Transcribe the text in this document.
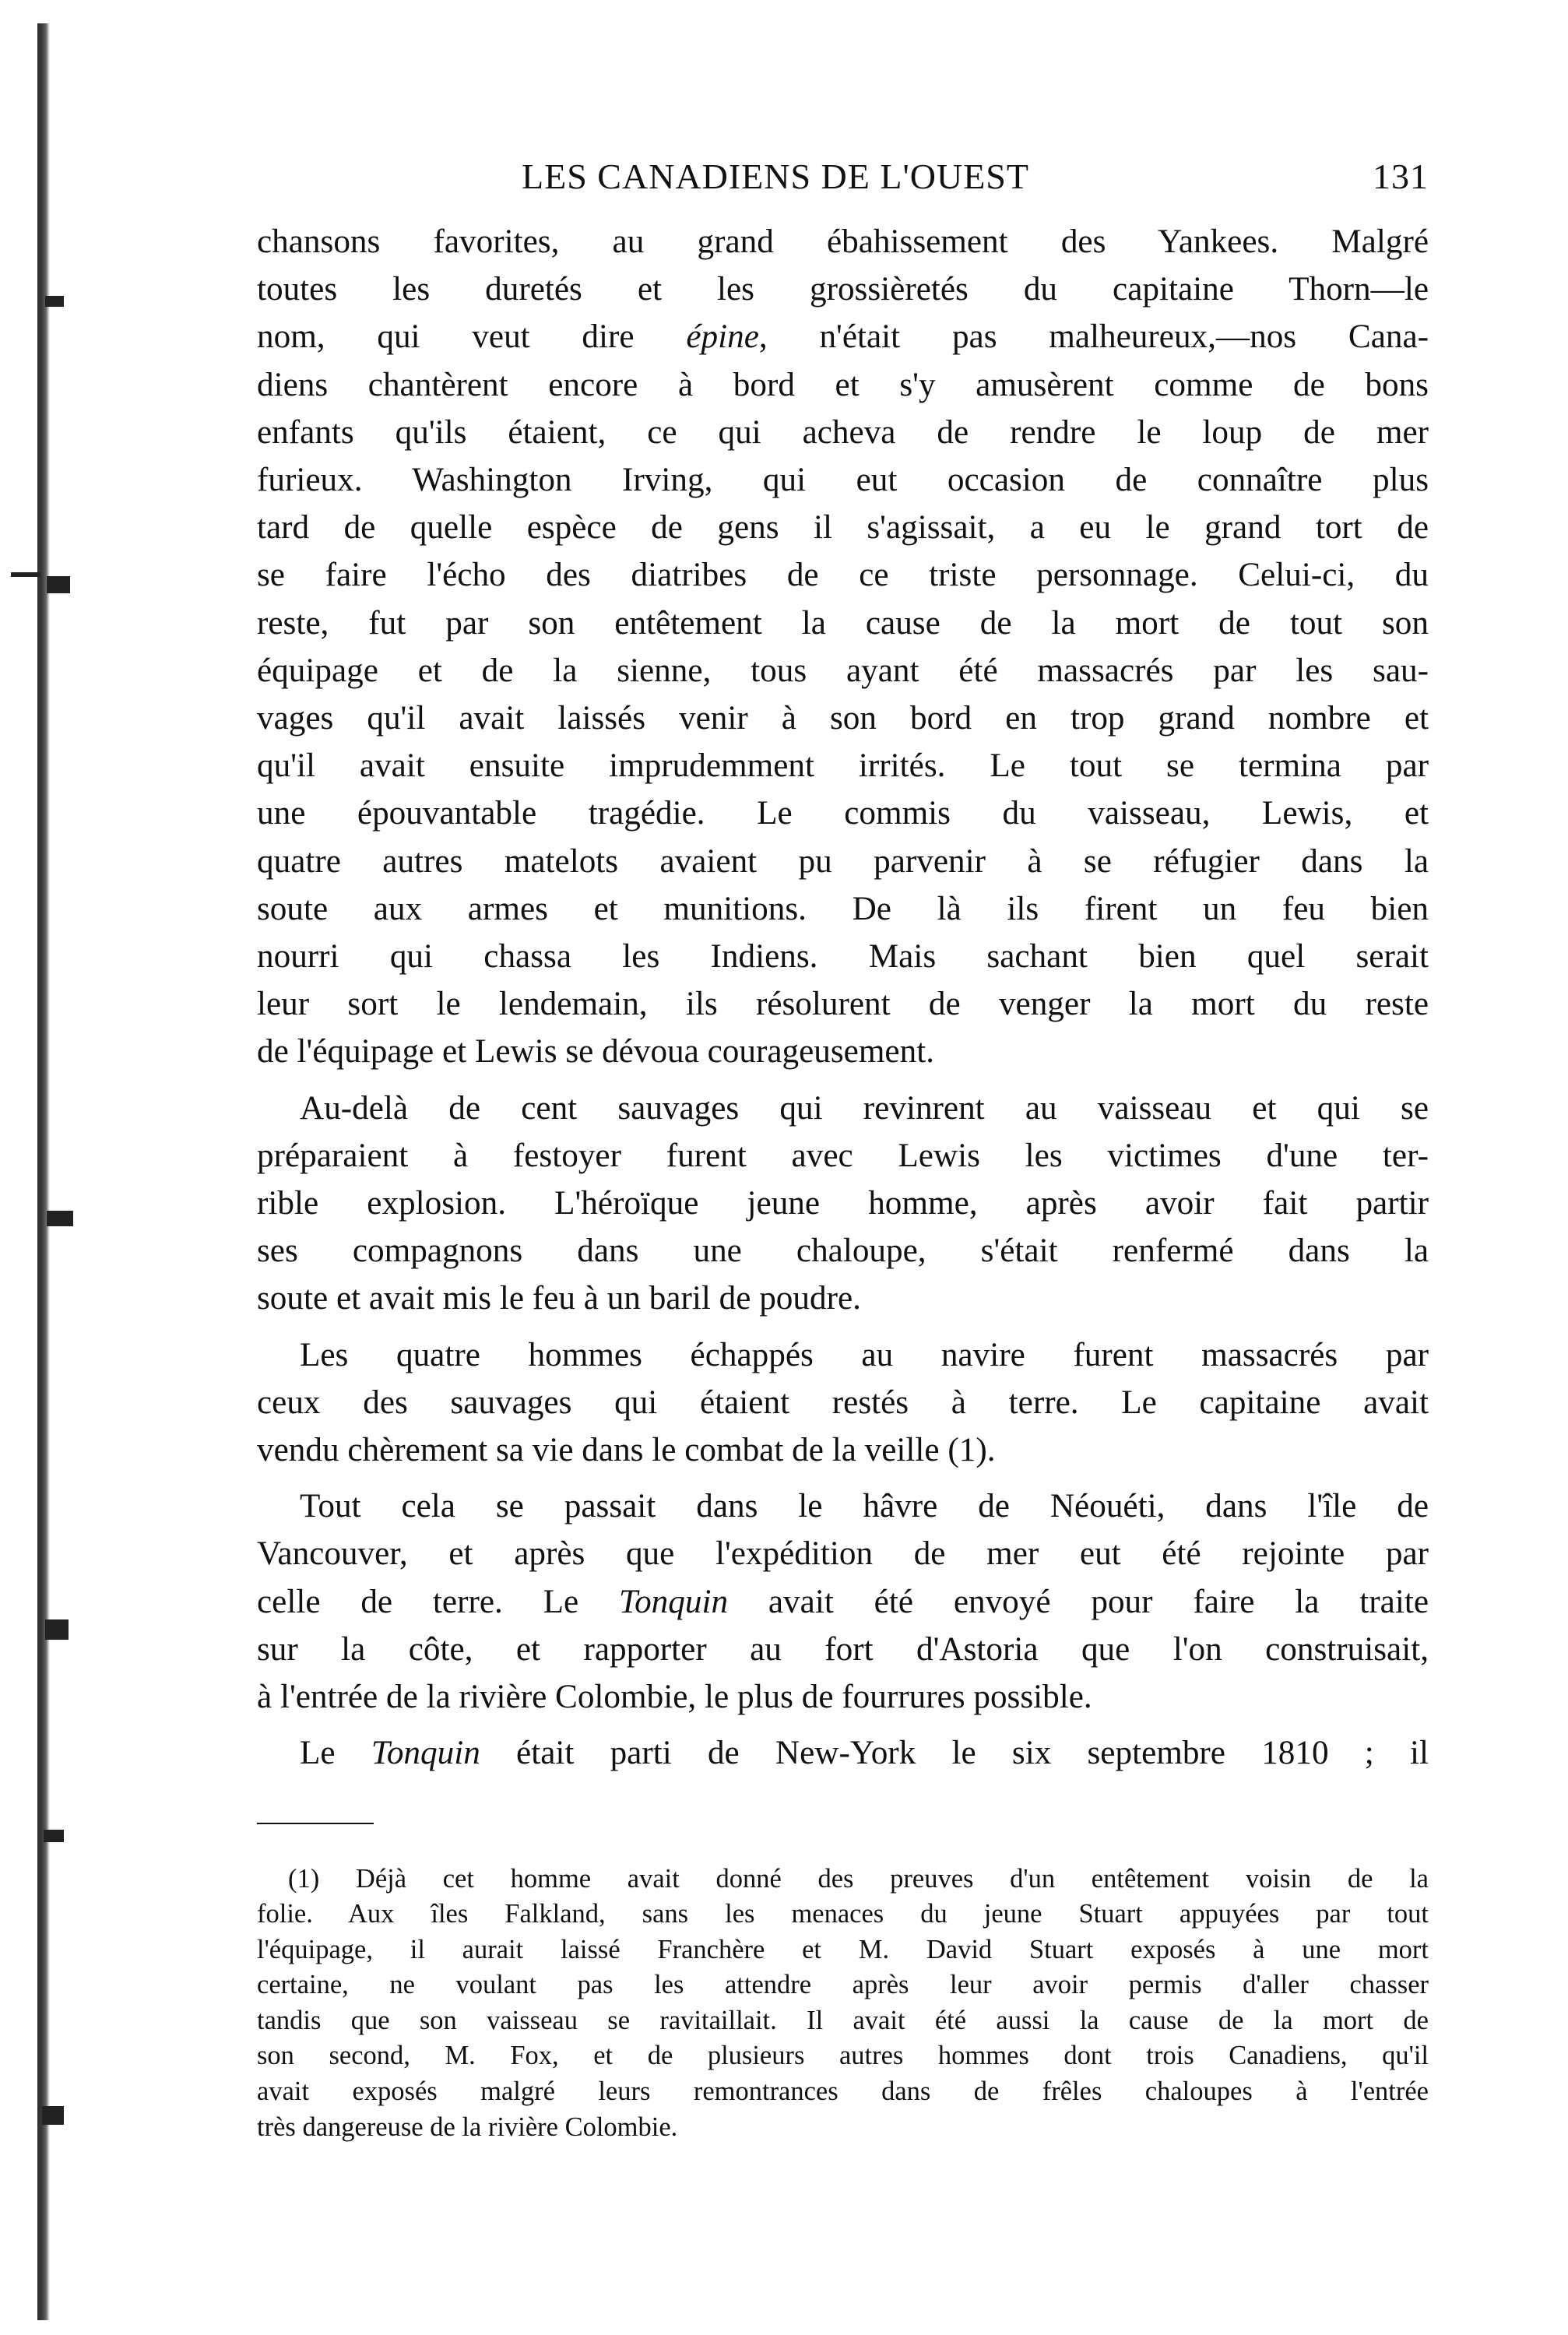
LES CANADIENS DE L'OUEST	131
chansons favorites, au grand ébahissement des Yankees. Malgré
toutes les duretés et les grossièretés du capitaine Thorn—le
nom, qui veut dire épine, n'était pas malheureux,—nos Cana-
diens chantèrent encore à bord et s'y amusèrent comme de bons
enfants qu'ils étaient, ce qui acheva de rendre le loup de mer
furieux. Washington Irving, qui eut occasion de connaître plus
tard de quelle espèce de gens il s'agissait, a eu le grand tort de
se faire l'écho des diatribes de ce triste personnage. Celui-ci, du
reste, fut par son entêtement la cause de la mort de tout son
équipage et de la sienne, tous ayant été massacrés par les sau-
vages qu'il avait laissés venir à son bord en trop grand nombre et
qu'il avait ensuite imprudemment irrités. Le tout se termina par
une épouvantable tragédie. Le commis du vaisseau, Lewis, et
quatre autres matelots avaient pu parvenir à se réfugier dans la
soute aux armes et munitions. De là ils firent un feu bien
nourri qui chassa les Indiens. Mais sachant bien quel serait
leur sort le lendemain, ils résolurent de venger la mort du reste
de l'équipage et Lewis se dévoua courageusement.
Au-delà de cent sauvages qui revinrent au vaisseau et qui se
préparaient à festoyer furent avec Lewis les victimes d'une ter-
rible explosion. L'héroïque jeune homme, après avoir fait partir
ses compagnons dans une chaloupe, s'était renfermé dans la
soute et avait mis le feu à un baril de poudre.
Les quatre hommes échappés au navire furent massacrés par
ceux des sauvages qui étaient restés à terre. Le capitaine avait
vendu chèrement sa vie dans le combat de la veille (1).
Tout cela se passait dans le hâvre de Néouéti, dans l'île de
Vancouver, et après que l'expédition de mer eut été rejointe par
celle de terre. Le Tonquin avait été envoyé pour faire la traite
sur la côte, et rapporter au fort d'Astoria que l'on construisait,
à l'entrée de la rivière Colombie, le plus de fourrures possible.
Le Tonquin était parti de New-York le six septembre 1810 ; il
(1) Déjà cet homme avait donné des preuves d'un entêtement voisin de la
folie. Aux îles Falkland, sans les menaces du jeune Stuart appuyées par tout
l'équipage, il aurait laissé Franchère et M. David Stuart exposés à une mort
certaine, ne voulant pas les attendre après leur avoir permis d'aller chasser
tandis que son vaisseau se ravitaillait. Il avait été aussi la cause de la mort de
son second, M. Fox, et de plusieurs autres hommes dont trois Canadiens, qu'il
avait exposés malgré leurs remontrances dans de frêles chaloupes à l'entrée
très dangereuse de la rivière Colombie.
